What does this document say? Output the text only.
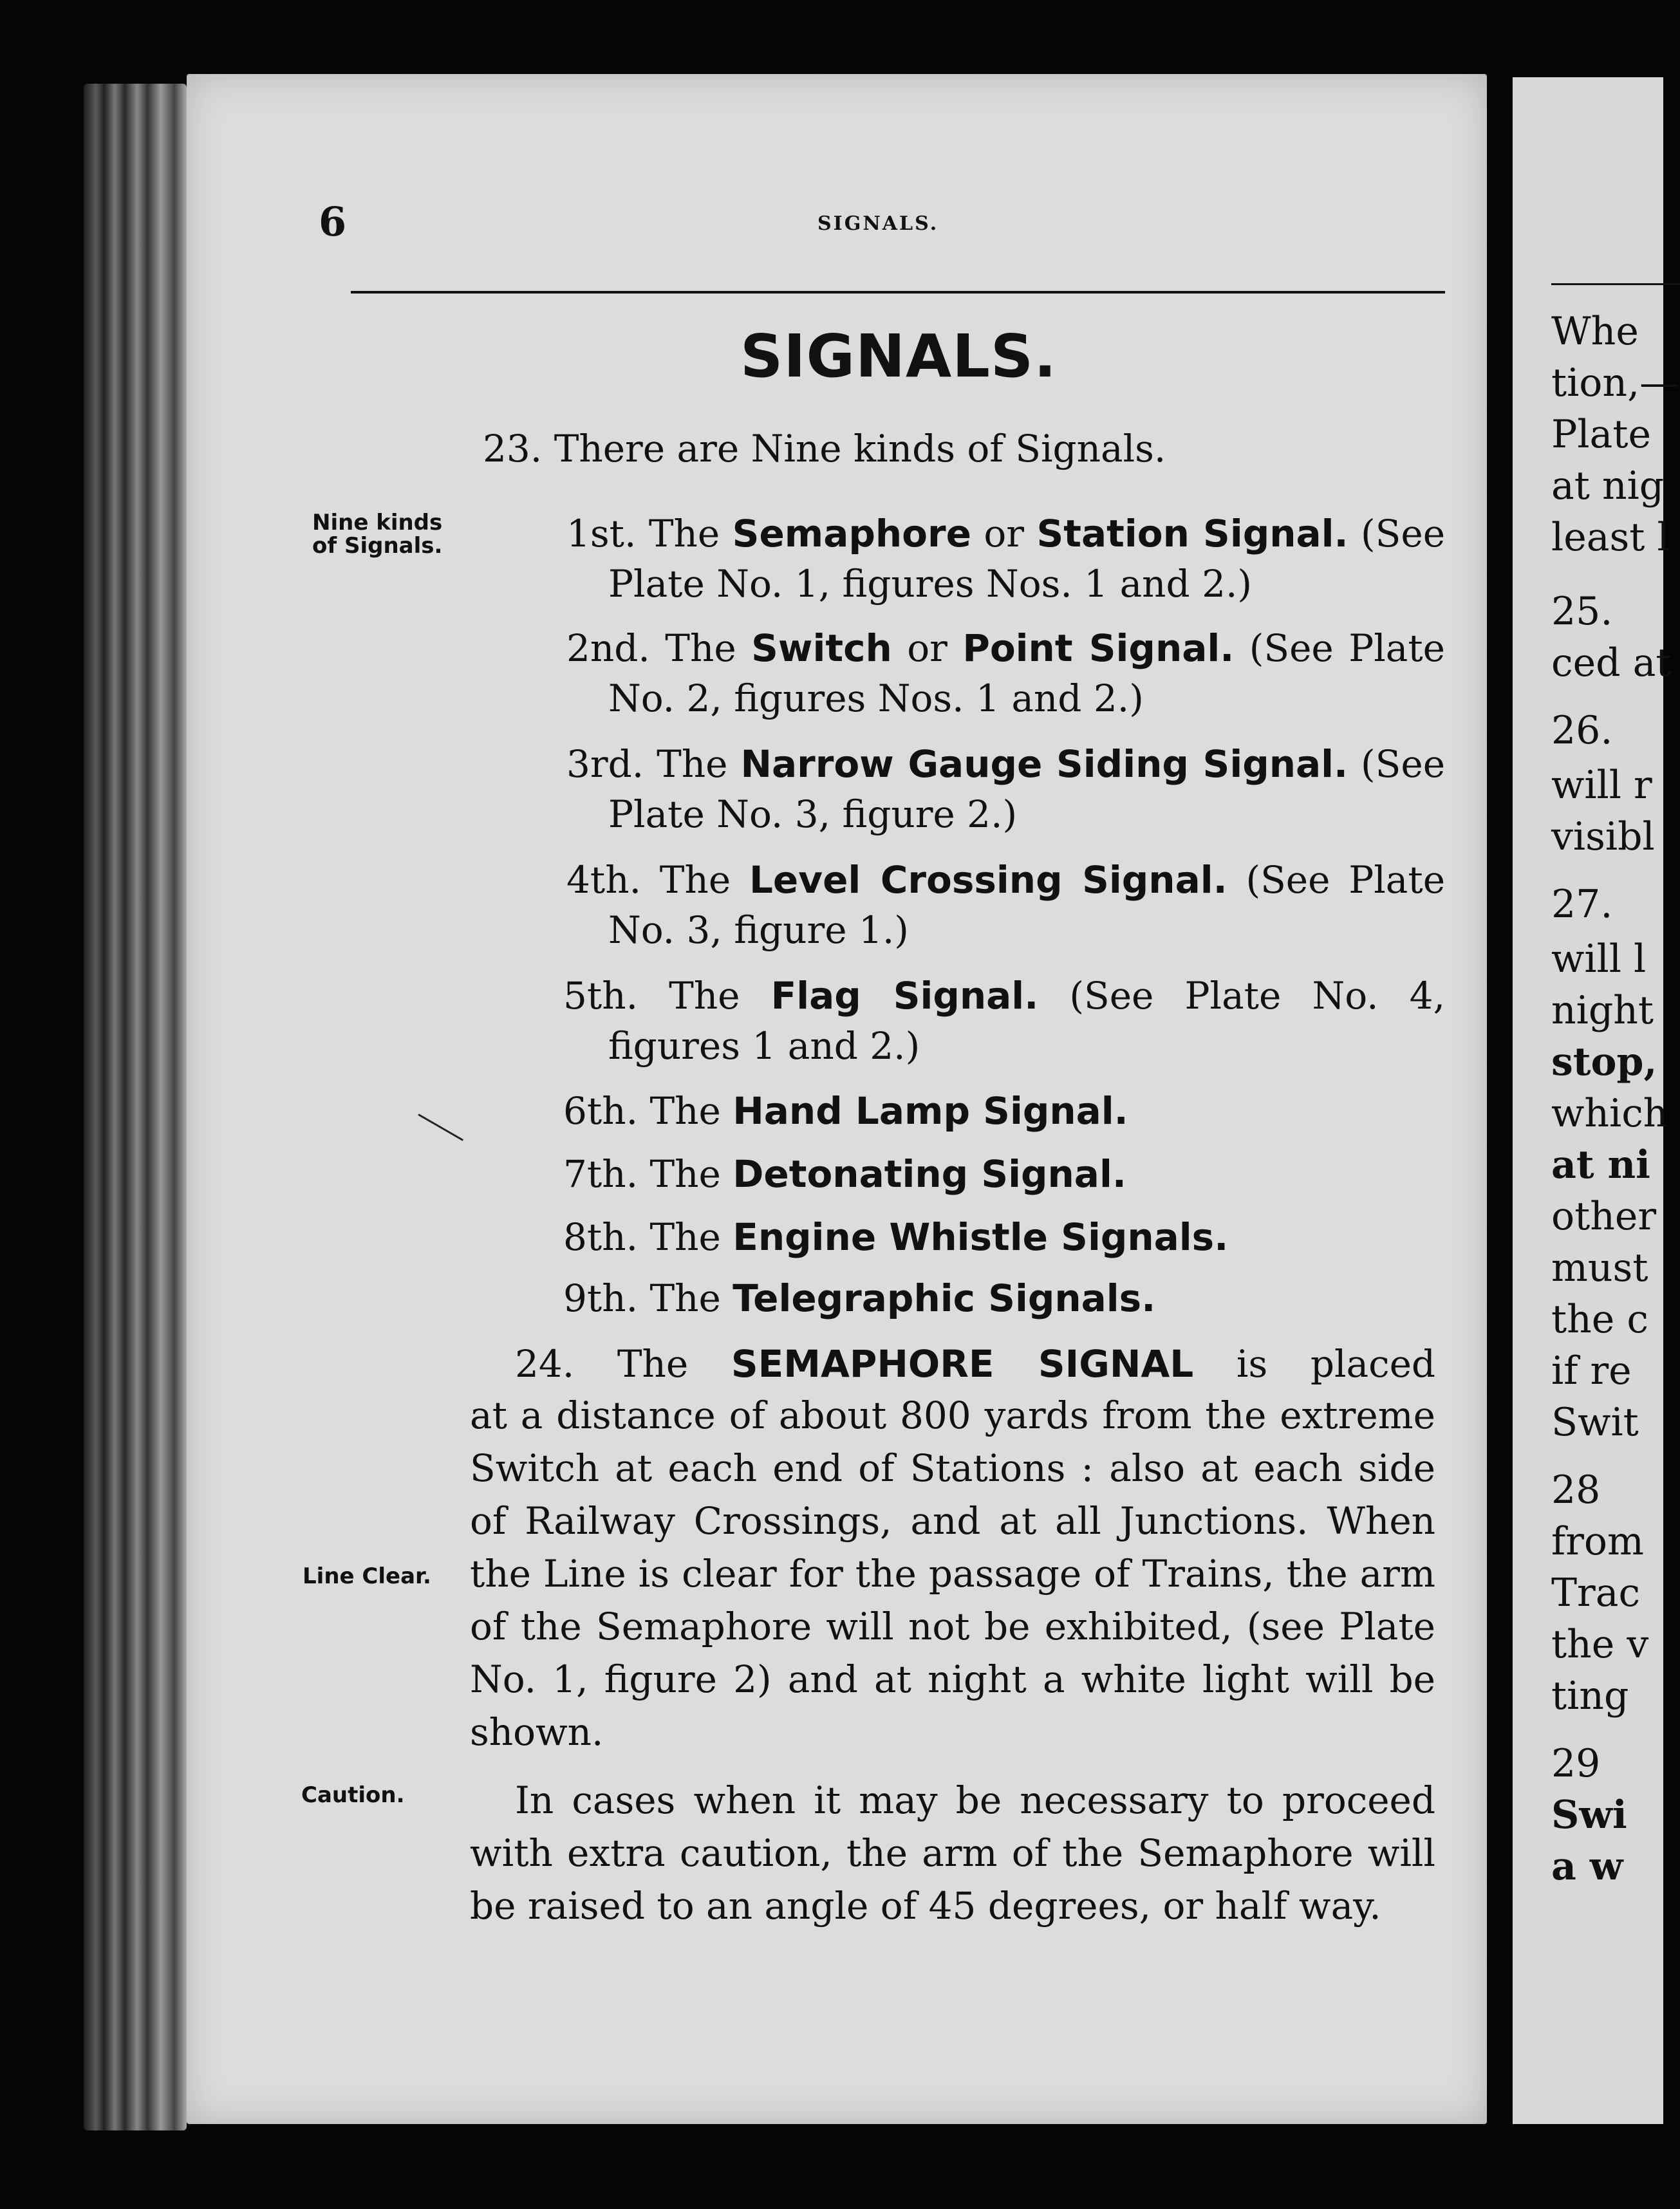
Whe
tion,—
Plate
at nig
least l
25.
ced at
26.
will r
visibl
27.
will l
night
stop,
which
at ni
other
must
the c
if re
Swit
28
from
Trac
the v
ting
29
Swi
a w
6	SIGNALS.
SIGNALS.
23. There are Nine kinds of Signals.
Nine kinds
of Signals.
Line Clear.
Caution.
1st. The Semaphore or Station Signal. (See
Plate No. 1, figures Nos. 1 and 2.)
2nd. The Switch or Point Signal. (See Plate
No. 2, figures Nos. 1 and 2.)
3rd. The Narrow Gauge Siding Signal. (See
Plate No. 3, figure 2.)
4th. The Level Crossing Signal. (See Plate
No. 3, figure 1.)
5th. The Flag Signal. (See Plate No. 4,
figures 1 and 2.)
6th. The Hand Lamp Signal.
7th. The Detonating Signal.
8th. The Engine Whistle Signals.
9th. The Telegraphic Signals.
24. The SEMAPHORE SIGNAL is placed
at a distance of about 800 yards from the extreme
Switch at each end of Stations : also at each side
of Railway Crossings, and at all Junctions. When
the Line is clear for the passage of Trains, the arm
of the Semaphore will not be exhibited, (see Plate
No. 1, figure 2) and at night a white light will be
shown.
In cases when it may be necessary to proceed
with extra caution, the arm of the Semaphore will
be raised to an angle of 45 degrees, or half way.
